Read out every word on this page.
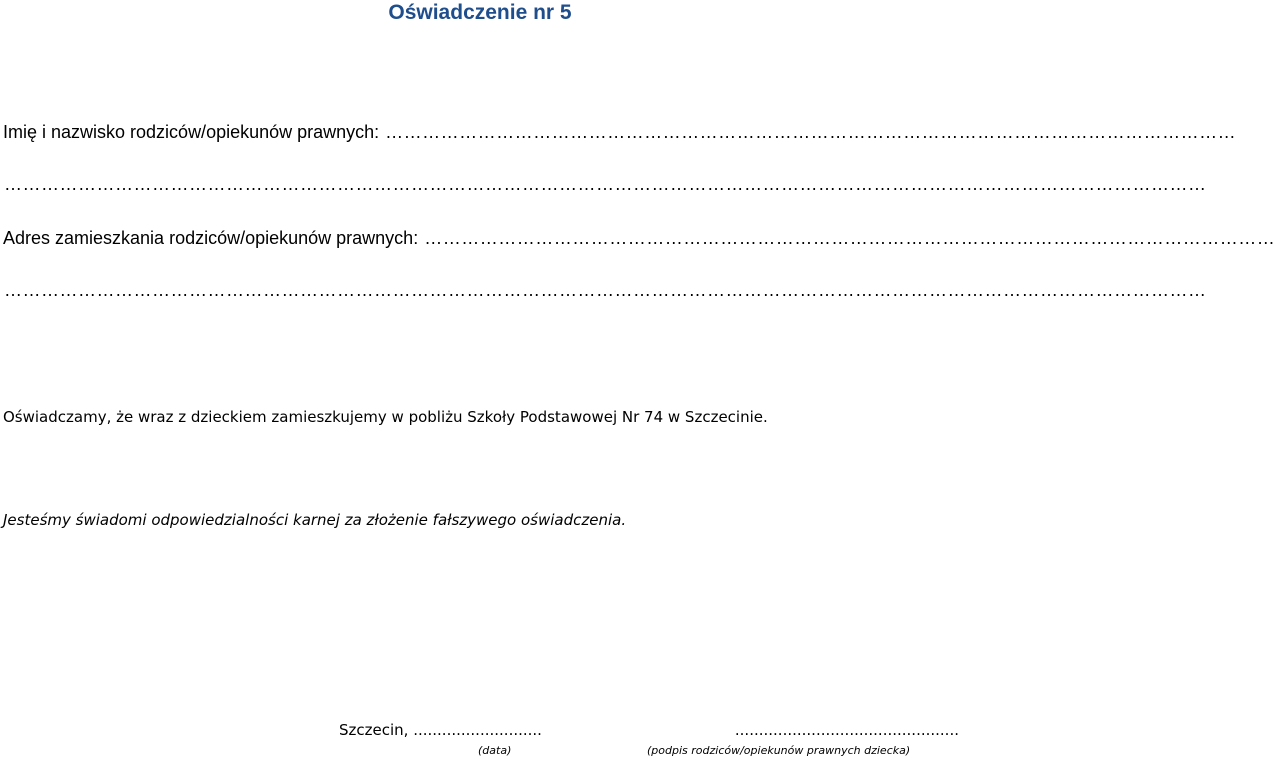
Oświadczenie nr 5
Imię i nazwisko rodziców/opiekunów prawnych: …………………………………………………………………………………………………………………………
……………………………………………………………………………………………………………………………………………………………………………
Adres zamieszkania rodziców/opiekunów prawnych: …………………………………………………………………………………………………………………………
……………………………………………………………………………………………………………………………………………………………………………
Oświadczamy, że wraz z dzieckiem zamieszkujemy w pobliżu Szkoły Podstawowej Nr 74 w Szczecinie.
Jesteśmy świadomi odpowiedzialności karnej za złożenie fałszywego oświadczenia.
Szczecin, ...........................	...............................................
(data)	(podpis rodziców/opiekunów prawnych dziecka)
